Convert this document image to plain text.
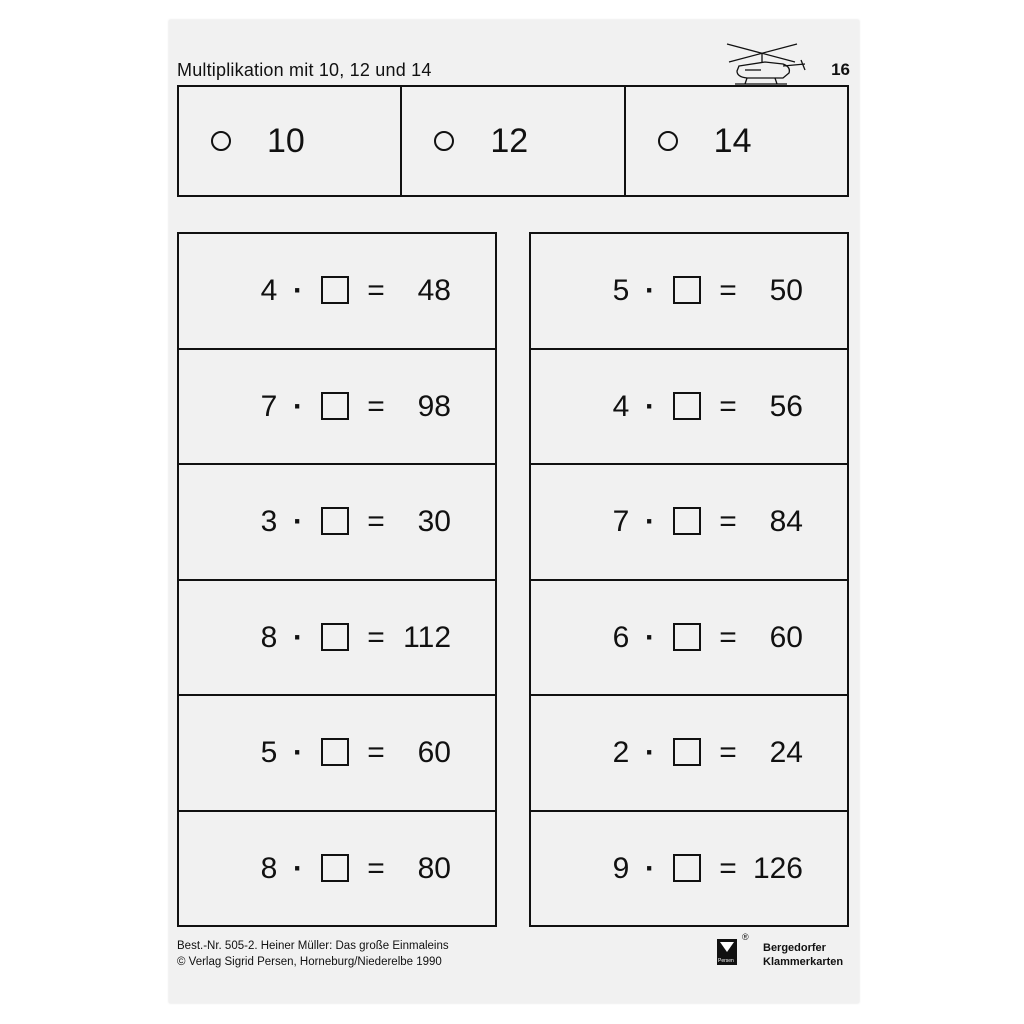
Multiplikation mit 10, 12 und 14	16
10	12	14
4 · = 48
7 · = 98
3 · = 30
8 · = 112
5 · = 60
8 · = 80
5 · = 50
4 · = 56
7 · = 84
6 · = 60
2 · = 24
9 · = 126
Best.-Nr. 505-2. Heiner Müller: Das große Einmaleins
© Verlag Sigrid Persen, Horneburg/Niederelbe 1990	Persen
®
Bergedorfer
Klammerkarten
